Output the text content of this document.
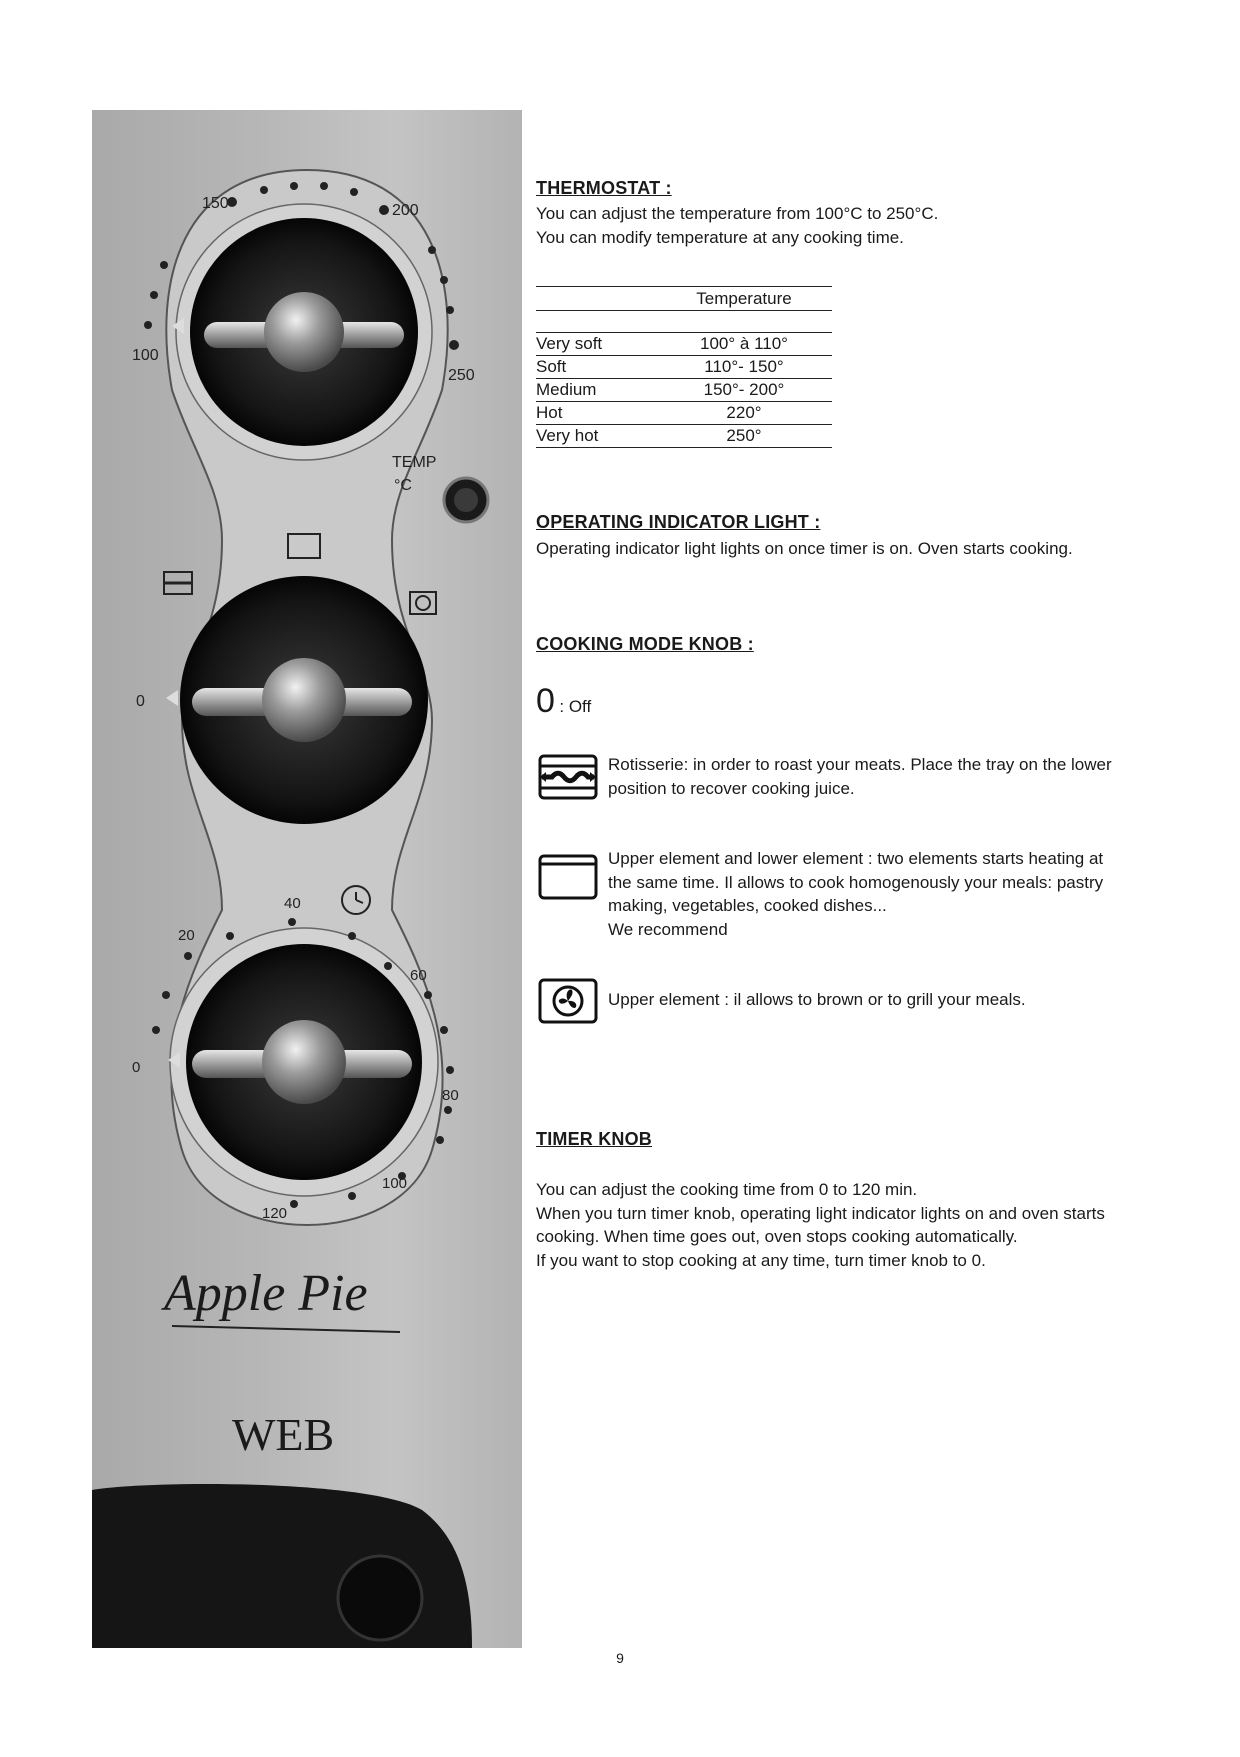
150	200
100
250
TEMP
°C
0
40
20
60
0
80
120
100
Apple Pie
WEB
THERMOSTAT :
You can adjust the temperature from 100°C to 250°C.
You can modify temperature at any cooking time.
	Temperature

Very soft	100° à 110°
Soft	110°- 150°
Medium	150°- 200°
Hot	220°
Very hot	250°
OPERATING INDICATOR LIGHT :
Operating indicator light lights on once timer is on. Oven starts cooking.
COOKING MODE KNOB :
0 : Off
Rotisserie: in order to roast your meats. Place the tray on the lower
position to recover cooking juice.
Upper element and lower element : two elements starts heating at
the same time. Il allows to cook homogenously your meals: pastry
making, vegetables, cooked dishes...
We recommend
Upper element : il allows to brown or to grill your meals.
TIMER KNOB
You can adjust the cooking time from 0 to 120 min.
When you turn timer knob, operating light indicator lights on and oven starts
cooking. When time goes out, oven stops cooking automatically.
If you want to stop cooking at any time, turn timer knob to 0.
9
